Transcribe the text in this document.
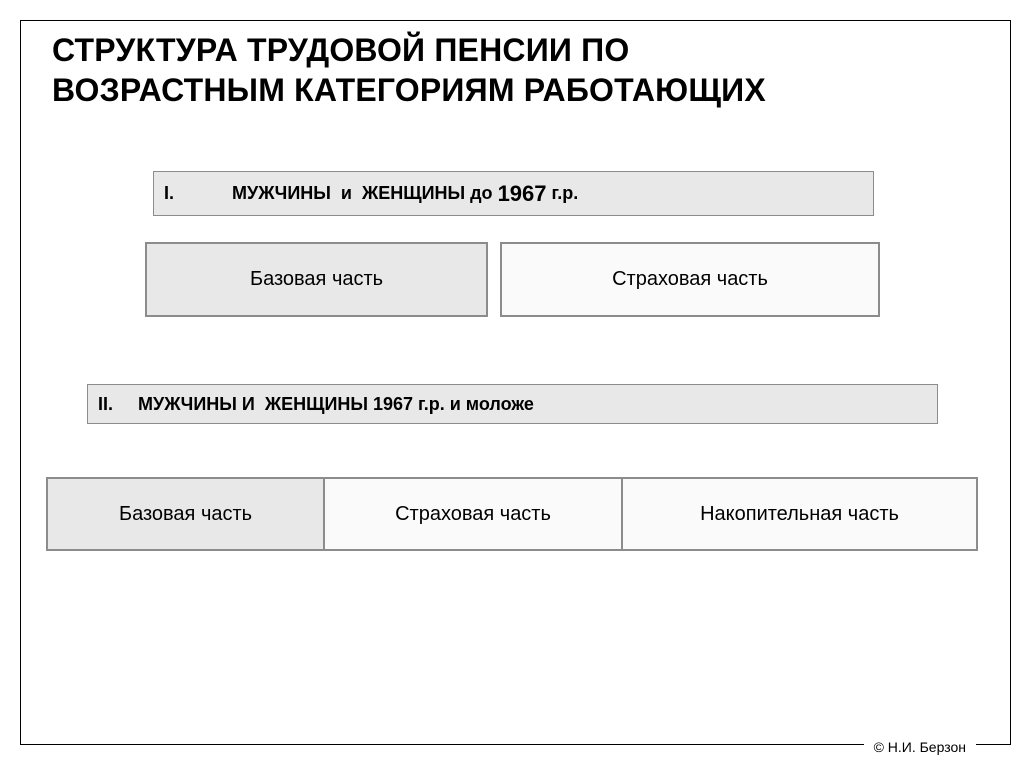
СТРУКТУРА ТРУДОВОЙ ПЕНСИИ ПО
ВОЗРАСТНЫМ КАТЕГОРИЯМ РАБОТАЮЩИХ
I.	МУЖЧИНЫ  и  ЖЕНЩИНЫ до 1967 г.р.
Базовая часть	Страховая часть
II.	МУЖЧИНЫ И  ЖЕНЩИНЫ 1967 г.р. и моложе
Базовая часть	Страховая часть	Накопительная часть
© Н.И. Берзон
